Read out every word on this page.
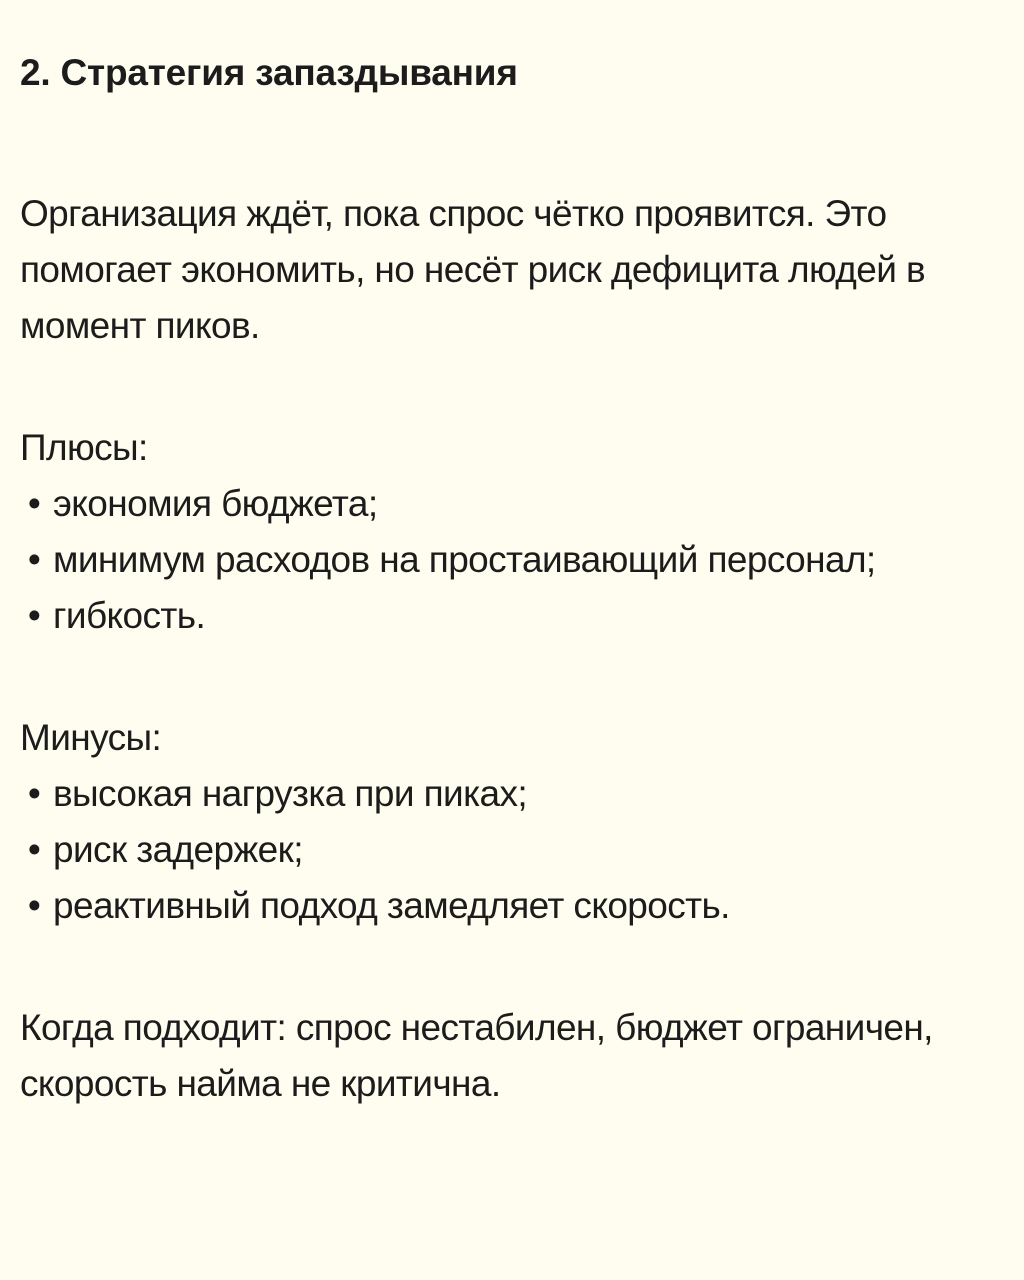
2. Стратегия запаздывания

Организация ждёт, пока спрос чётко проявится. Это помогает экономить, но несёт риск дефицита людей в момент пиков.

Плюсы:

• экономия бюджета;
• минимум расходов на простаивающий персонал;
• гибкость.

Минусы:

• высокая нагрузка при пиках;
• риск задержек;
• реактивный подход замедляет скорость.

Когда подходит: спрос нестабилен, бюджет ограничен, скорость найма не критична.
